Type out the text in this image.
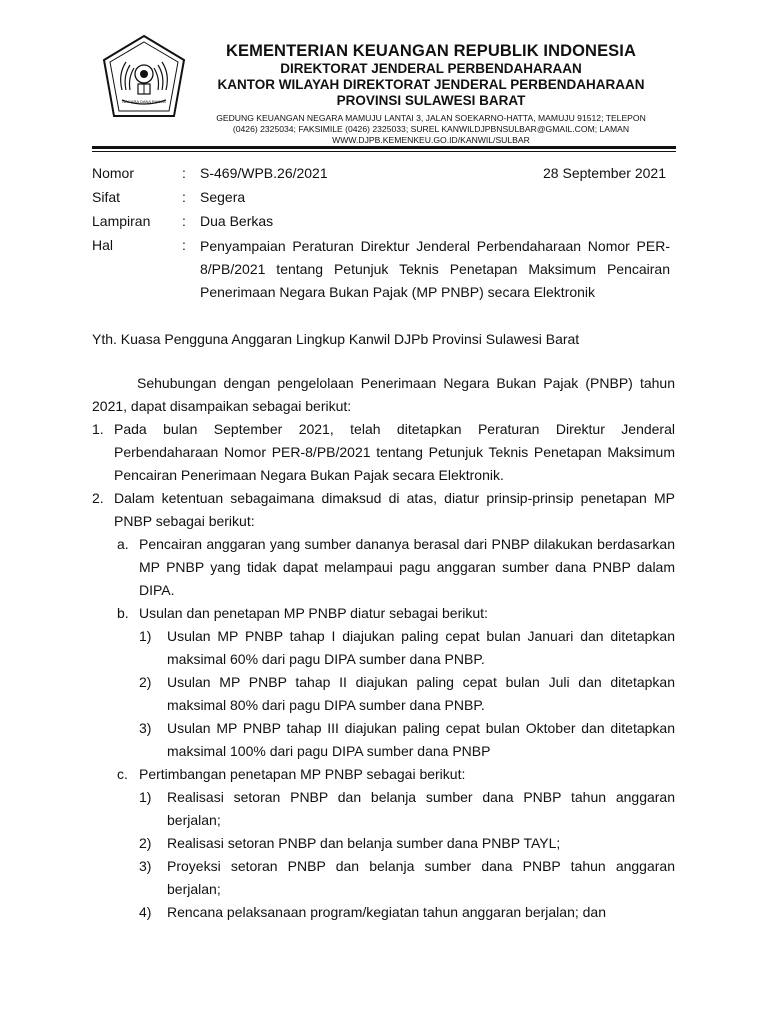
NAGARA DANA RAKCA
KEMENTERIAN KEUANGAN REPUBLIK INDONESIA
DIREKTORAT JENDERAL PERBENDAHARAAN
KANTOR WILAYAH DIREKTORAT JENDERAL PERBENDAHARAAN
PROVINSI SULAWESI BARAT
GEDUNG KEUANGAN NEGARA MAMUJU LANTAI 3, JALAN SOEKARNO-HATTA, MAMUJU 91512; TELEPON
(0426) 2325034; FAKSIMILE (0426) 2325033; SUREL KANWILDJPBNSULBAR@GMAIL.COM; LAMAN
WWW.DJPB.KEMENKEU.GO.ID/KANWIL/SULBAR
Nomor	: S-469/WPB.26/2021	28 September 2021
Sifat	: Segera
Lampiran : Dua Berkas
Hal	: Penyampaian Peraturan Direktur Jenderal Perbendaharaan Nomor PER-8/PB/2021 tentang Petunjuk Teknis Penetapan Maksimum Pencairan Penerimaan Negara Bukan Pajak (MP PNBP) secara Elektronik
Yth. Kuasa Pengguna Anggaran Lingkup Kanwil DJPb Provinsi Sulawesi Barat

Sehubungan dengan pengelolaan Penerimaan Negara Bukan Pajak (PNBP) tahun 2021, dapat disampaikan sebagai berikut:

1. Pada bulan September 2021, telah ditetapkan Peraturan Direktur Jenderal Perbendaharaan Nomor PER-8/PB/2021 tentang Petunjuk Teknis Penetapan Maksimum Pencairan Penerimaan Negara Bukan Pajak secara Elektronik.

2. Dalam ketentuan sebagaimana dimaksud di atas, diatur prinsip-prinsip penetapan MP PNBP sebagai berikut:

a. Pencairan anggaran yang sumber dananya berasal dari PNBP dilakukan berdasarkan MP PNBP yang tidak dapat melampaui pagu anggaran sumber dana PNBP dalam DIPA.

b. Usulan dan penetapan MP PNBP diatur sebagai berikut:

1) Usulan MP PNBP tahap I diajukan paling cepat bulan Januari dan ditetapkan maksimal 60% dari pagu DIPA sumber dana PNBP.

2) Usulan MP PNBP tahap II diajukan paling cepat bulan Juli dan ditetapkan maksimal 80% dari pagu DIPA sumber dana PNBP.

3) Usulan MP PNBP tahap III diajukan paling cepat bulan Oktober dan ditetapkan maksimal 100% dari pagu DIPA sumber dana PNBP

c. Pertimbangan penetapan MP PNBP sebagai berikut:

1) Realisasi setoran PNBP dan belanja sumber dana PNBP tahun anggaran berjalan;

2) Realisasi setoran PNBP dan belanja sumber dana PNBP TAYL;

3) Proyeksi setoran PNBP dan belanja sumber dana PNBP tahun anggaran berjalan;

4) Rencana pelaksanaan program/kegiatan tahun anggaran berjalan; dan
